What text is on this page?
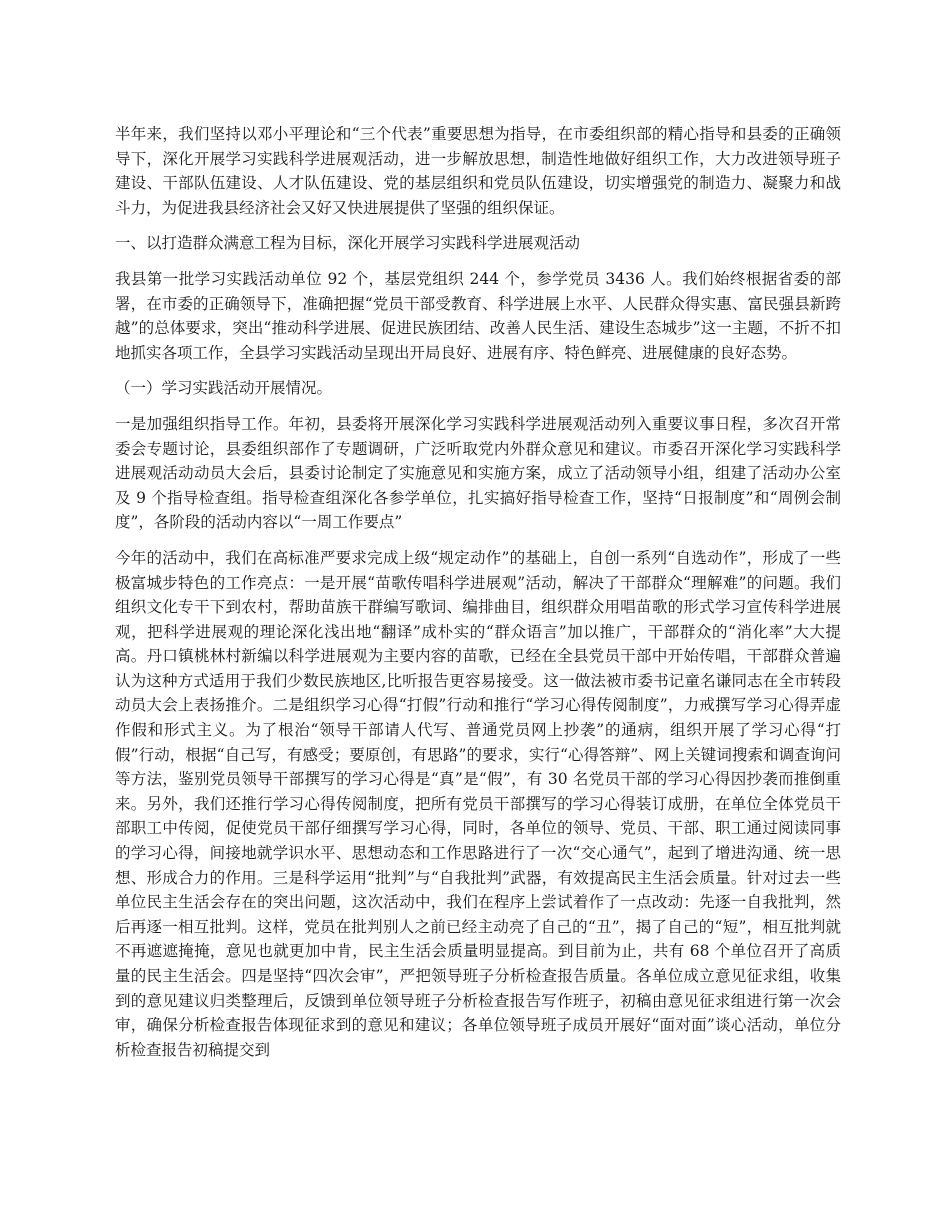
半年来，我们坚持以邓小平理论和“三个代表”重要思想为指导，在市委组织部的精心指导和县委的正确领导下，深化开展学习实践科学进展观活动，进一步解放思想，制造性地做好组织工作，大力改进领导班子建设、干部队伍建设、人才队伍建设、党的基层组织和党员队伍建设，切实增强党的制造力、凝聚力和战斗力，为促进我县经济社会又好又快进展提供了坚强的组织保证。

一、以打造群众满意工程为目标，深化开展学习实践科学进展观活动

我县第一批学习实践活动单位 92 个，基层党组织 244 个，参学党员 3436 人。我们始终根据省委的部署，在市委的正确领导下，准确把握“党员干部受教育、科学进展上水平、人民群众得实惠、富民强县新跨越”的总体要求，突出“推动科学进展、促进民族团结、改善人民生活、建设生态城步”这一主题，不折不扣地抓实各项工作，全县学习实践活动呈现出开局良好、进展有序、特色鲜亮、进展健康的良好态势。

（一）学习实践活动开展情况。

一是加强组织指导工作。年初，县委将开展深化学习实践科学进展观活动列入重要议事日程，多次召开常委会专题讨论，县委组织部作了专题调研，广泛听取党内外群众意见和建议。市委召开深化学习实践科学进展观活动动员大会后，县委讨论制定了实施意见和实施方案，成立了活动领导小组，组建了活动办公室及 9 个指导检查组。指导检查组深化各参学单位，扎实搞好指导检查工作，坚持“日报制度”和“周例会制度”，各阶段的活动内容以“一周工作要点”

今年的活动中，我们在高标准严要求完成上级“规定动作”的基础上，自创一系列“自选动作”，形成了一些极富城步特色的工作亮点：一是开展“苗歌传唱科学进展观”活动，解决了干部群众“理解难”的问题。我们组织文化专干下到农村，帮助苗族干群编写歌词、编排曲目，组织群众用唱苗歌的形式学习宣传科学进展观，把科学进展观的理论深化浅出地“翻译”成朴实的“群众语言”加以推广，干部群众的“消化率”大大提高。丹口镇桃林村新编以科学进展观为主要内容的苗歌，已经在全县党员干部中开始传唱，干部群众普遍认为这种方式适用于我们少数民族地区,比听报告更容易接受。这一做法被市委书记童名谦同志在全市转段动员大会上表扬推介。二是组织学习心得“打假”行动和推行“学习心得传阅制度”，力戒撰写学习心得弄虚作假和形式主义。为了根治“领导干部请人代写、普通党员网上抄袭”的通病，组织开展了学习心得“打假”行动，根据“自己写，有感受；要原创，有思路”的要求，实行“心得答辩”、网上关键词搜索和调查询问等方法，鉴别党员领导干部撰写的学习心得是“真”是“假”，有 30 名党员干部的学习心得因抄袭而推倒重来。另外，我们还推行学习心得传阅制度，把所有党员干部撰写的学习心得装订成册，在单位全体党员干部职工中传阅，促使党员干部仔细撰写学习心得，同时，各单位的领导、党员、干部、职工通过阅读同事的学习心得，间接地就学识水平、思想动态和工作思路进行了一次“交心通气”，起到了增进沟通、统一思想、形成合力的作用。三是科学运用“批判”与“自我批判”武器，有效提高民主生活会质量。针对过去一些单位民主生活会存在的突出问题，这次活动中，我们在程序上尝试着作了一点改动：先逐一自我批判，然后再逐一相互批判。这样，党员在批判别人之前已经主动亮了自己的“丑”，揭了自己的“短”，相互批判就不再遮遮掩掩，意见也就更加中肯，民主生活会质量明显提高。到目前为止，共有 68 个单位召开了高质量的民主生活会。四是坚持“四次会审”，严把领导班子分析检查报告质量。各单位成立意见征求组，收集到的意见建议归类整理后，反馈到单位领导班子分析检查报告写作班子，初稿由意见征求组进行第一次会审，确保分析检查报告体现征求到的意见和建议；各单位领导班子成员开展好“面对面”谈心活动，单位分析检查报告初稿提交到
